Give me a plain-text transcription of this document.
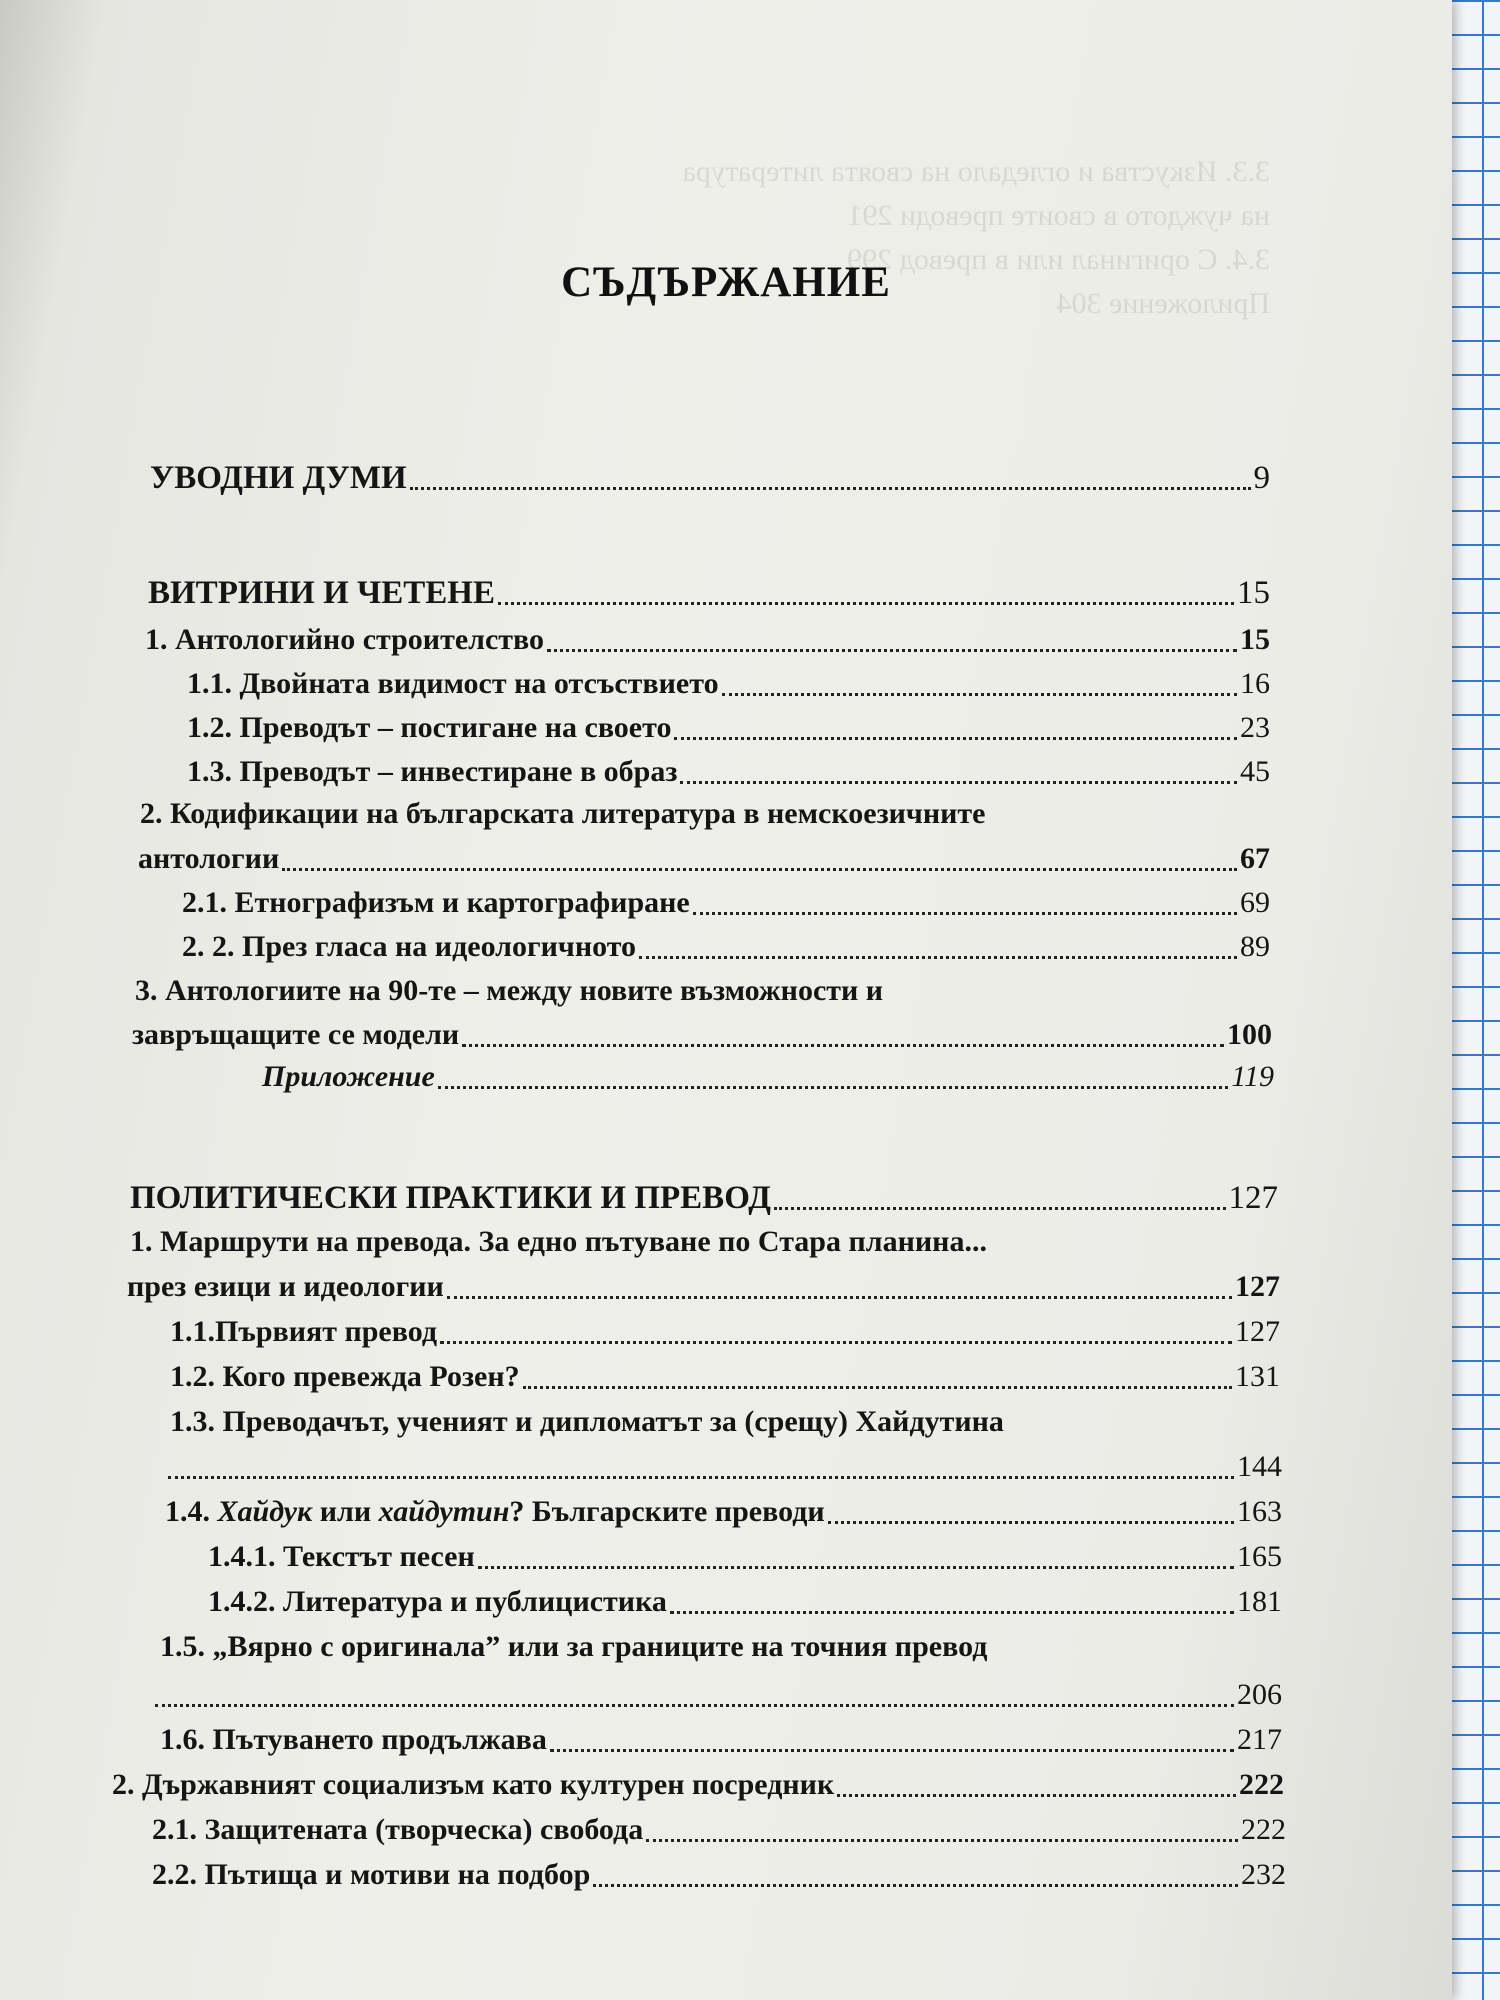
3.3. Изкуства и огледало на своята литература
на чуждото в своите преводи 291
3.4. С оригинал или в превод 299
Приложение 304
СЪДЪРЖАНИЕ
УВОДНИ ДУМИ	9
ВИТРИНИ И ЧЕТЕНЕ	15
1. Антологийно строителство	15
1.1. Двойната видимост на отсъствието	16
1.2. Преводът – постигане на своето	23
1.3. Преводът – инвестиране в образ	45
2. Кодификации на българската литература в немскоезичните
антологии	67
2.1. Етнографизъм и картографиране	69
2. 2. През гласа на идеологичното	89
3. Антологиите на 90-те – между новите възможности и
завръщащите се модели	100
Приложение	119
ПОЛИТИЧЕСКИ ПРАКТИКИ И ПРЕВОД	127
1. Маршрути на превода. За едно пътуване по Стара планина...
през езици и идеологии	127
1.1.Първият превод	127
1.2. Кого превежда Розен?	131
1.3. Преводачът, ученият и дипломатът за (срещу) Хайдутина
144
1.4. Хайдук или хайдутин? Българските преводи	163
1.4.1. Текстът песен	165
1.4.2. Литература и публицистика	181
1.5. „Вярно с оригинала” или за границите на точния превод
206
1.6. Пътуването продължава	217
2. Държавният социализъм като културен посредник	222
2.1. Защитената (творческа) свобода	222
2.2. Пътища и мотиви на подбор	232
